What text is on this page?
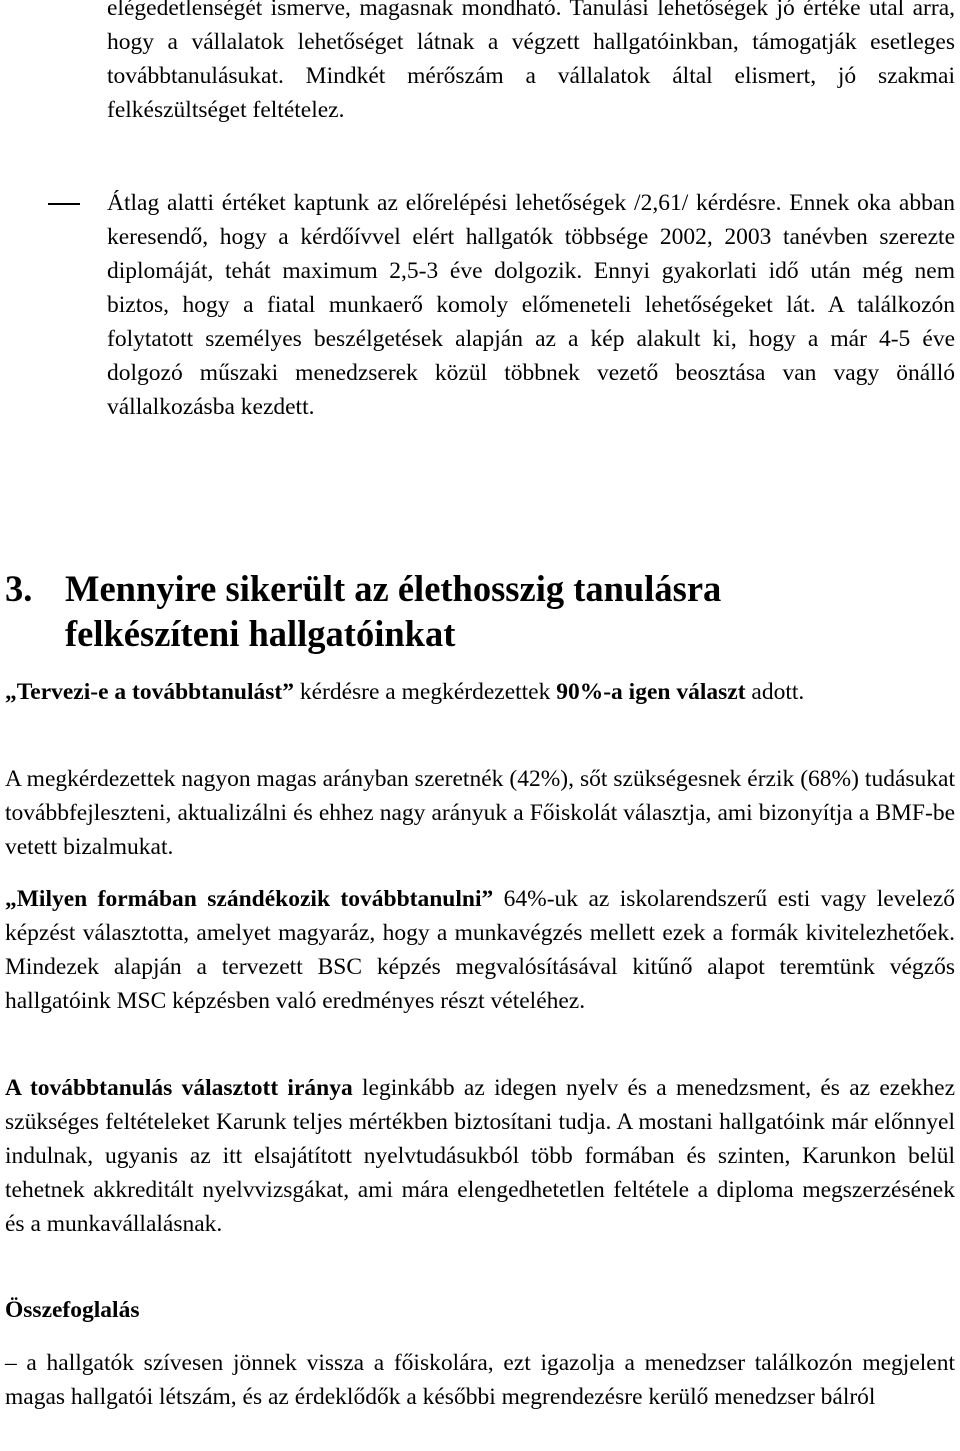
elégedetlenségét ismerve, magasnak mondható. Tanulási lehetőségek jó értéke utal arra, hogy a vállalatok lehetőséget látnak a végzett hallgatóinkban, támogatják esetleges továbbtanulásukat. Mindkét mérőszám a vállalatok által elismert, jó szakmai felkészültséget feltételez.

Átlag alatti értéket kaptunk az előrelépési lehetőségek /2,61/ kérdésre. Ennek oka abban keresendő, hogy a kérdőívvel elért hallgatók többsége 2002, 2003 tanévben szerezte diplomáját, tehát maximum 2,5-3 éve dolgozik. Ennyi gyakorlati idő után még nem biztos, hogy a fiatal munkaerő komoly előmeneteli lehetőségeket lát. A találkozón folytatott személyes beszélgetések alapján az a kép alakult ki, hogy a már 4-5 éve dolgozó műszaki menedzserek közül többnek vezető beosztása van vagy önálló vállalkozásba kezdett.

3. Mennyire sikerült az élethosszig tanulásra
felkészíteni hallgatóinkat

„Tervezi-e a továbbtanulást” kérdésre a megkérdezettek 90%-a igen választ adott.

A megkérdezettek nagyon magas arányban szeretnék (42%), sőt szükségesnek érzik (68%) tudásukat továbbfejleszteni, aktualizálni és ehhez nagy arányuk a Főiskolát választja, ami bizonyítja a BMF-be vetett bizalmukat.

„Milyen formában szándékozik továbbtanulni” 64%-uk az iskolarendszerű esti vagy levelező képzést választotta, amelyet magyaráz, hogy a munkavégzés mellett ezek a formák kivitelezhetőek. Mindezek alapján a tervezett BSC képzés megvalósításával kitűnő alapot teremtünk végzős hallgatóink MSC képzésben való eredményes részt vételéhez.

A továbbtanulás választott iránya leginkább az idegen nyelv és a menedzsment, és az ezekhez szükséges feltételeket Karunk teljes mértékben biztosítani tudja. A mostani hallgatóink már előnnyel indulnak, ugyanis az itt elsajátított nyelvtudásukból több formában és szinten, Karunkon belül tehetnek akkreditált nyelvvizsgákat, ami mára elengedhetetlen feltétele a diploma megszerzésének és a munkavállalásnak.

Összefoglalás

– a hallgatók szívesen jönnek vissza a főiskolára, ezt igazolja a menedzser találkozón megjelent magas hallgatói létszám, és az érdeklődők a későbbi megrendezésre kerülő menedzser bálról
